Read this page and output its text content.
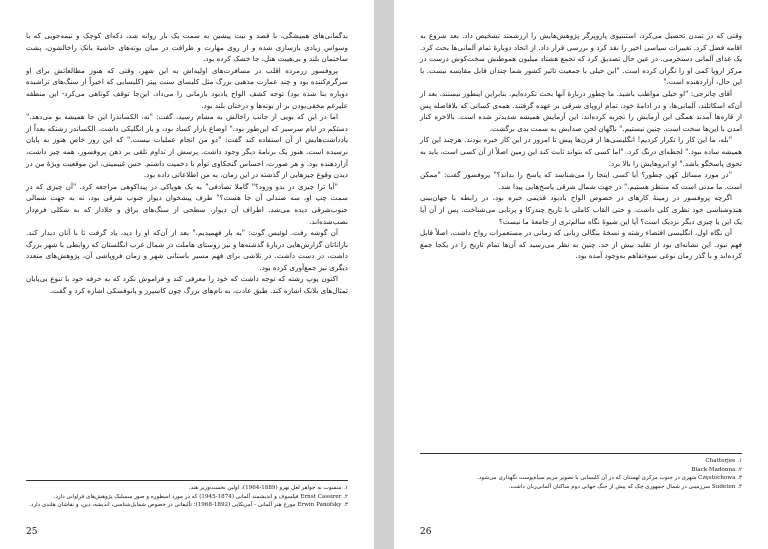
بدگمانی‌های همیشگی، با قصد و نیت پیشین به سمت یک بار روانه شد، دکه‌ای کوچک و نیمه‌جویی که با وسواس زیادی بازسازی شده و از روی مهارت و ظرافت در میان بوته‌های حاشیهٔ بانک راخالشون، پشت ساختمان بلند و بی‌هیبت هتل، جا خشک کرده بود.

پروفسور زرمرده اقلب در مسافرت‌های اولیه‌اش به این شهر، وقتی که هنوز مطالعاتش برای او سرگرم‌کننده بود و چند عمارت مذهبی بزرگ مثل کلیسای سنت پیتر (کلیسایی که اخیراً از سنگ‌های تراشیده دوباره بنا شده بود) توجه کشف الواح یادبود بازمانی را می‌داد، این‌جا توقف کوتاهی می‌کرد- این منطقه علیرغم مخفی‌بودن بر از بوته‌ها و درختان بلند بود.

اما در این که بویی از جانب راخالش به مشام رسید، گفت: "نه، الکساندرا این جا همیشه بو می‌دهد." دستکم در ایام سرسبز که این‌طور بود." اوضاع بازار کساد بود، و بار انگلیکی داشت. الکساندر زشتکه بعداً از یادداشت‌هایش از آن استفاده کند گفت: "دو من انجام عملیات نیست." که این روز خاص هنوز به پایان نرسیده است. هنوز یک برنامهٔ دیگر وجود داشت. پرسش از تداوم تلقی بر ذهن پروفسور. همه چیز داشت، آزاردهنده بود. و هر صورت، احساس گنجکاوی توأم با دخمیت داشتم. حس غیبمینی، این موقعیت ویژهٔ من در دیدن وقوع چیزهایی از گذشته در این زمان، به من اطلاعاتی داده بود.

"آیا ترا چیزی در بدو ورود؟" گاملا تصادفی" به یک هوپاکی در پیداکوهی مراجعه کرد. "آن چیزی که در سمت چپ او، سه صندلی آن جا هست؟" طرف پیشخوان دیوار جنوب شرقی بود، نه به جهت شمالی جنوب‌شرقی دیده می‌شد. اطراف آن دیوار، سطحی از سنگ‌های براق و جلادار که به شکلی فرم‌دار نصب‌شده‌اند.

آن گوشه رفت. لوئیس گوت: "یه بار فهمیدیم." بعد از آن‌که او را دید، یاد گرفت تا با آنان دیدار کند. باراناتان گزارش‌هایی دربارهٔ گذشته‌ها و نیز روستای هاملت در شمال غرب انگلستان که روابطی با شهر بزرگ داشت، در دست داشت. در تلاشی برای فهم مسیر باستانی شهر و زمان فروپاشی آن، پژوهش‌های متعدد دیگری نیز جمع‌آوری کرده بود.

اکنون پوپ رشته که توجه داشت که خود را معرفی کند و فراموش نکرد که به حرفه خود با تنوع بی‌پایان ثمثال‌های بلانک اشاره کند. طبق عادت، به نام‌های بزرگ چون کاسپرز و پانوفسکی اشاره کرد و گفت.

۱. منسوب به جواهر لعل نهرو (1889-1964)، اولین نخست‌وزیر هند.
۲. Ernst Cassirer فیلسوف و اندیشمند آلمانی (1874-1945) که در مورد اسطوره و صور سمبلیک پژوهش‌های فراوانی دارد.
۳. Erwin Panofsky مورخ هنر آلمانی - آمریکایی (1892-1968)؛ تألیفاتی در خصوص شمایل‌شناسی، اندیشه، دین، و نقاشان هلندی دارد.
25

وقتی که در تمدن تحصیل می‌کرد، استنتیوی پاروپرگر پژوهش‌هایش را ارزشمند تشخیص داد. بعد شروع به اقامه فضل کرد. تغییرات سیاسی اخیر را نقد کرد و بررسی قرار داد. از اتحاد دوبارهٔ تمام آلمانی‌ها بحث کرد. یک غذای آلمانی دستخرمی. در عین حال تصدیق کرد که تجمع هشتاد میلیون هموطنش سخت‌کوش درست در مرکز اروپا کمی او را نگران کرده است. "این خیلی با جمعیت تاثیر کشور شما چندان قابل مقایسه نیست. با این حال، آزاردهنده است."

آقای چاترجی: "او خیلی مواظب باشید. ما چطور دربارهٔ آنها بحث نکرده‌ایم. بنابراین اینطور نیستند. بعد از آن‌که اسکاتلند، آلمانی‌ها، و در ادامهٔ خود، تمام اروپای شرقی بر عهده گرفتند. همه‌ی کسانی که بلافاصله پس از قاره‌ها آمدند همگی این آزمایش را تجربه کرده‌اند. این آزمایش همیشه شدیدتر شده است. بالاخره کنار آمدن با این‌ها سخت است. چنین نیستیم." ناگهان لحن صدایش به سمت بدی برگشت.

"بله، ما این کار را تکرار کردیم! انگلیسی‌ها از قرن‌ها پیش تا امروز در این کار خبره بودند. هرچند این کار همیشه ساده نبود." لحظه‌ای درنگ کرد. "اما کسی که بتواند ثابت کند این زمین اصلاً از آن کسی است، باید به نحوی پاسخگو باشد." او ابروهایش را بالا برد.

"در مورد مسائل کهن چطور؟ آیا کسی اینجا را می‌شناسد که پاسخ را بداند؟" پروفسور گفت: "ممکن است. ما مدتی است که منتظر هستیم." در جهت شمال شرقی پاسخ‌هایی پیدا شد.

اگرچه پروفسور در زمینهٔ کارهای در خصوص الواح یادبود قدیمی خبره بود، در رابطه با جهان‌بینی هندوشناسی خود نظری کلی داشت. و حتی القاب کاملی با تاریخ چندرکا و پرتابی می‌شناخت. پس از آن آیا یک این یا چیزی دیگر نزدیک است؟ آیا این شیوهٔ نگاه سالم‌تری از جامعهٔ ما نیست؟

آن نگاه اول، انگلیسی اقتضاء رشته و نسخهٔ بنگالی زبانی که زمانی در مستعمرات رواج داشت، اصلاً قابل فهم نبود. این نشانه‌ای بود از تقلید بیش از حد. چنین به نظر می‌رسید که آن‌ها تمام تاریخ را در یکجا جمع کرده‌اند و با گذر زمان نوعی سوءتفاهم به‌وجود آمده بود.

۱. Chatterjee
۲. Black Madonna
۳. Częstochowa شهری در جنوب مرکزی لهستان که در آن کلیسایی با تصویر مریم سیاه‌پوست نگهداری می‌شود.
۴. Sudeten سرزمینی در شمال جمهوری چک که پیش از جنگ جهانی دوم ساکنان آلمانی‌زبان داشت.
26
